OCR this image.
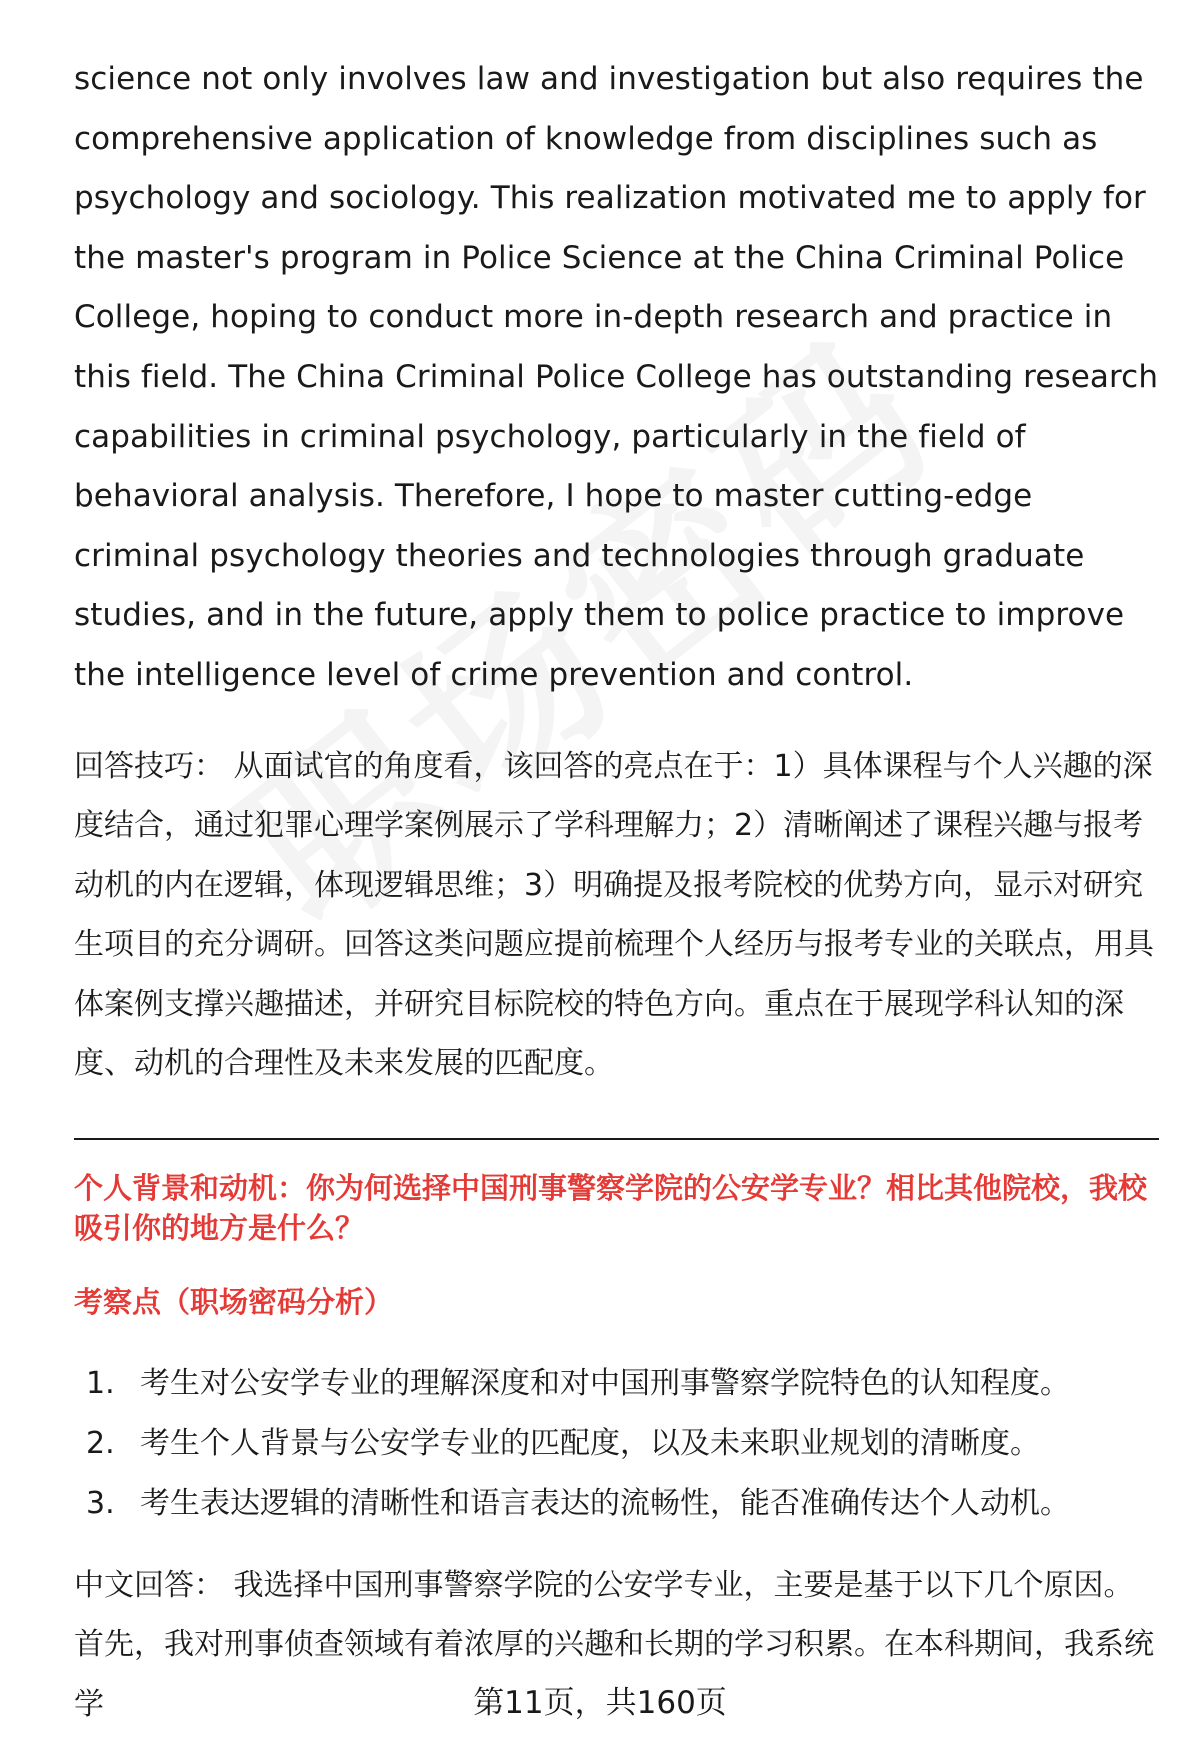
science not only involves law and investigation but also requires the comprehensive application of knowledge from disciplines such as psychology and sociology. This realization motivated me to apply for the master's program in Police Science at the China Criminal Police College, hoping to conduct more in-depth research and practice in this field. The China Criminal Police College has outstanding research capabilities in criminal psychology, particularly in the field of behavioral analysis. Therefore, I hope to master cutting-edge criminal psychology theories and technologies through graduate studies, and in the future, apply them to police practice to improve the intelligence level of crime prevention and control.

回答技巧： 从面试官的角度看，该回答的亮点在于：1）具体课程与个人兴趣的深度结合，通过犯罪心理学案例展示了学科理解力；2）清晰阐述了课程兴趣与报考动机的内在逻辑，体现逻辑思维；3）明确提及报考院校的优势方向，显示对研究生项目的充分调研。回答这类问题应提前梳理个人经历与报考专业的关联点，用具体案例支撑兴趣描述，并研究目标院校的特色方向。重点在于展现学科认知的深度、动机的合理性及未来发展的匹配度。

个人背景和动机：你为何选择中国刑事警察学院的公安学专业？相比其他院校，我校吸引你的地方是什么？
考察点（职场密码分析）
1. 考生对公安学专业的理解深度和对中国刑事警察学院特色的认知程度。
2. 考生个人背景与公安学专业的匹配度，以及未来职业规划的清晰度。
3. 考生表达逻辑的清晰性和语言表达的流畅性，能否准确传达个人动机。

中文回答： 我选择中国刑事警察学院的公安学专业，主要是基于以下几个原因。首先，我对刑事侦查领域有着浓厚的兴趣和长期的学习积累。在本科期间，我系统学	第11页，共160页
